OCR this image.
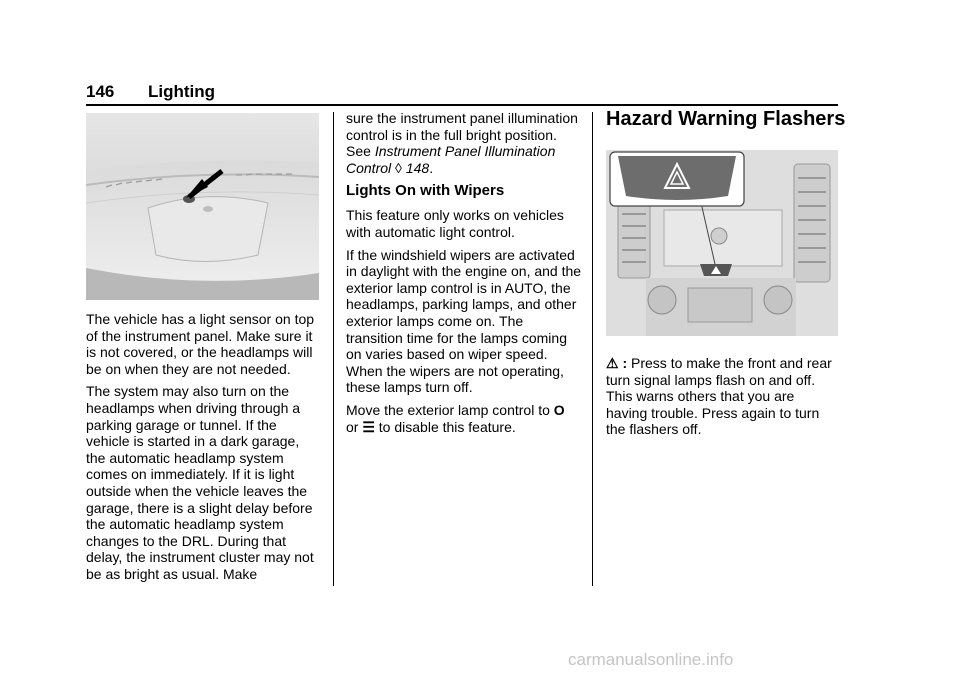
146 Lighting

The vehicle has a light sensor on top of the instrument panel. Make sure it is not covered, or the headlamps will be on when they are not needed.

The system may also turn on the headlamps when driving through a parking garage or tunnel. If the vehicle is started in a dark garage, the automatic headlamp system comes on immediately. If it is light outside when the vehicle leaves the garage, there is a slight delay before the automatic headlamp system changes to the DRL. During that delay, the instrument cluster may not be as bright as usual. Make

sure the instrument panel illumination control is in the full bright position. See Instrument Panel Illumination Control ◊ 148.

Lights On with Wipers

This feature only works on vehicles with automatic light control.

If the windshield wipers are activated in daylight with the engine on, and the exterior lamp control is in AUTO, the headlamps, parking lamps, and other exterior lamps come on. The transition time for the lamps coming on varies based on wiper speed. When the wipers are not operating, these lamps turn off.

Move the exterior lamp control to O
or ☰ to disable this feature.

Hazard Warning Flashers

⚠ : Press to make the front and rear turn signal lamps flash on and off. This warns others that you are having trouble. Press again to turn the flashers off.

carmanualsonline.info
